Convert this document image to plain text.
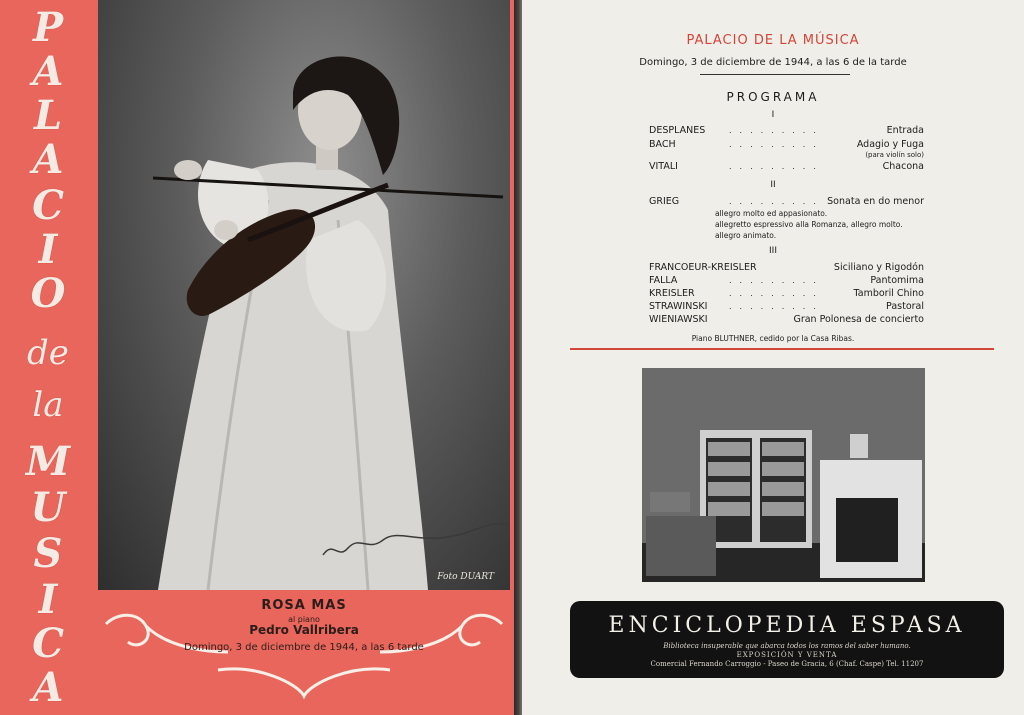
P
A
L
A
C
I
O
de
la
M
U
S
I
C
A
Foto DUART
ROSA MAS
al piano
Pedro Vallribera
Domingo, 3 de diciembre de 1944, a las 6 tarde
PALACIO DE LA MÚSICA
Domingo, 3 de diciembre de 1944, a las 6 de la tarde
PROGRAMA
I
DESPLANES	.........	Entrada
BACH	.........	Adagio y Fuga
(para violín solo)
VITALI	.........	Chacona
II
GRIEG	......... Sonata en do menor
allegro molto ed appasionato.
allegretto espressivo alla Romanza, allegro molto.
allegro animato.
III
FRANCOEUR-KREISLER	Siciliano y Rigodón
FALLA	.........	Pantomima
KREISLER	.........	Tamboril Chino
STRAWINSKI	.........	Pastoral
WIENIAWSKI	Gran Polonesa de concierto
Piano BLUTHNER, cedido por la Casa Ribas.
ENCICLOPEDIA ESPASA
Biblioteca insuperable que abarca todos los ramos del saber humano.
EXPOSICIÓN Y VENTA
Comercial Fernando Carroggio - Paseo de Gracia, 6 (Chaf. Caspe) Tel. 11207
